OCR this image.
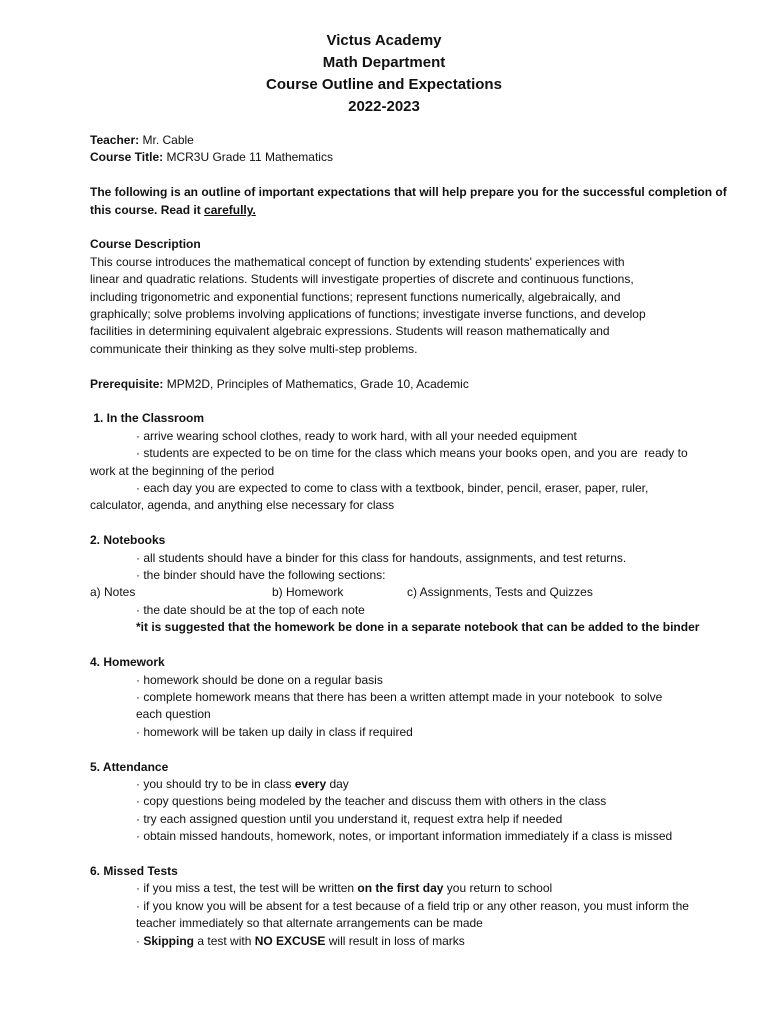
Victus Academy
Math Department
Course Outline and Expectations
2022-2023

Teacher: Mr. Cable

Course Title: MCR3U Grade 11 Mathematics

The following is an outline of important expectations that will help prepare you for the successful completion of this course. Read it carefully.

Course Description

This course introduces the mathematical concept of function by extending students' experiences with

linear and quadratic relations. Students will investigate properties of discrete and continuous functions,

including trigonometric and exponential functions; represent functions numerically, algebraically, and

graphically; solve problems involving applications of functions; investigate inverse functions, and develop

facilities in determining equivalent algebraic expressions. Students will reason mathematically and

communicate their thinking as they solve multi-step problems.

Prerequisite: MPM2D, Principles of Mathematics, Grade 10, Academic

1. In the Classroom

· arrive wearing school clothes, ready to work hard, with all your needed equipment

· students are expected to be on time for the class which means your books open, and you are  ready to

work at the beginning of the period

· each day you are expected to come to class with a textbook, binder, pencil, eraser, paper, ruler,

calculator, agenda, and anything else necessary for class

2. Notebooks

· all students should have a binder for this class for handouts, assignments, and test returns.

· the binder should have the following sections:

a) Notes	b) Homework	c) Assignments, Tests and Quizzes

· the date should be at the top of each note

*it is suggested that the homework be done in a separate notebook that can be added to the binder

4. Homework

· homework should be done on a regular basis

· complete homework means that there has been a written attempt made in your notebook  to solve

each question

· homework will be taken up daily in class if required

5. Attendance

· you should try to be in class every day

· copy questions being modeled by the teacher and discuss them with others in the class

· try each assigned question until you understand it, request extra help if needed

· obtain missed handouts, homework, notes, or important information immediately if a class is missed

6. Missed Tests

· if you miss a test, the test will be written on the first day you return to school

· if you know you will be absent for a test because of a field trip or any other reason, you must inform the

teacher immediately so that alternate arrangements can be made

· Skipping a test with NO EXCUSE will result in loss of marks
